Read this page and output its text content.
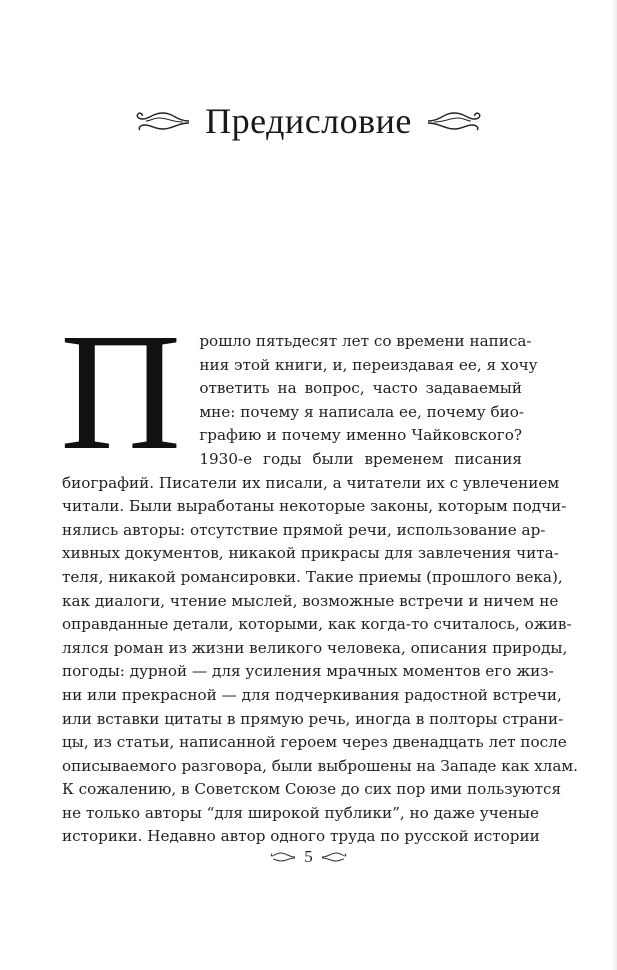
Предисловие
П	рошло пятьдесят лет со времени написа-
ния этой книги, и, переиздавая ее, я хочу
ответить на вопрос, часто задаваемый
мне: почему я написала ее, почему био-
графию и почему именно Чайковского?
1930-е годы были временем писания
биографий. Писатели их писали, а читатели их с увлечением
читали. Были выработаны некоторые законы, которым подчи-
нялись авторы: отсутствие прямой речи, использование ар-
хивных документов, никакой прикрасы для завлечения чита-
теля, никакой романсировки. Такие приемы (прошлого века),
как диалоги, чтение мыслей, возможные встречи и ничем не
оправданные детали, которыми, как когда-то считалось, ожив-
лялся роман из жизни великого человека, описания природы,
погоды: дурной — для усиления мрачных моментов его жиз-
ни или прекрасной — для подчеркивания радостной встречи,
или вставки цитаты в прямую речь, иногда в полторы страни-
цы, из статьи, написанной героем через двенадцать лет после
описываемого разговора, были выброшены на Западе как хлам.
К сожалению, в Советском Союзе до сих пор ими пользуются
не только авторы “для широкой публики”, но даже ученые
историки. Недавно автор одного труда по русской истории
5
